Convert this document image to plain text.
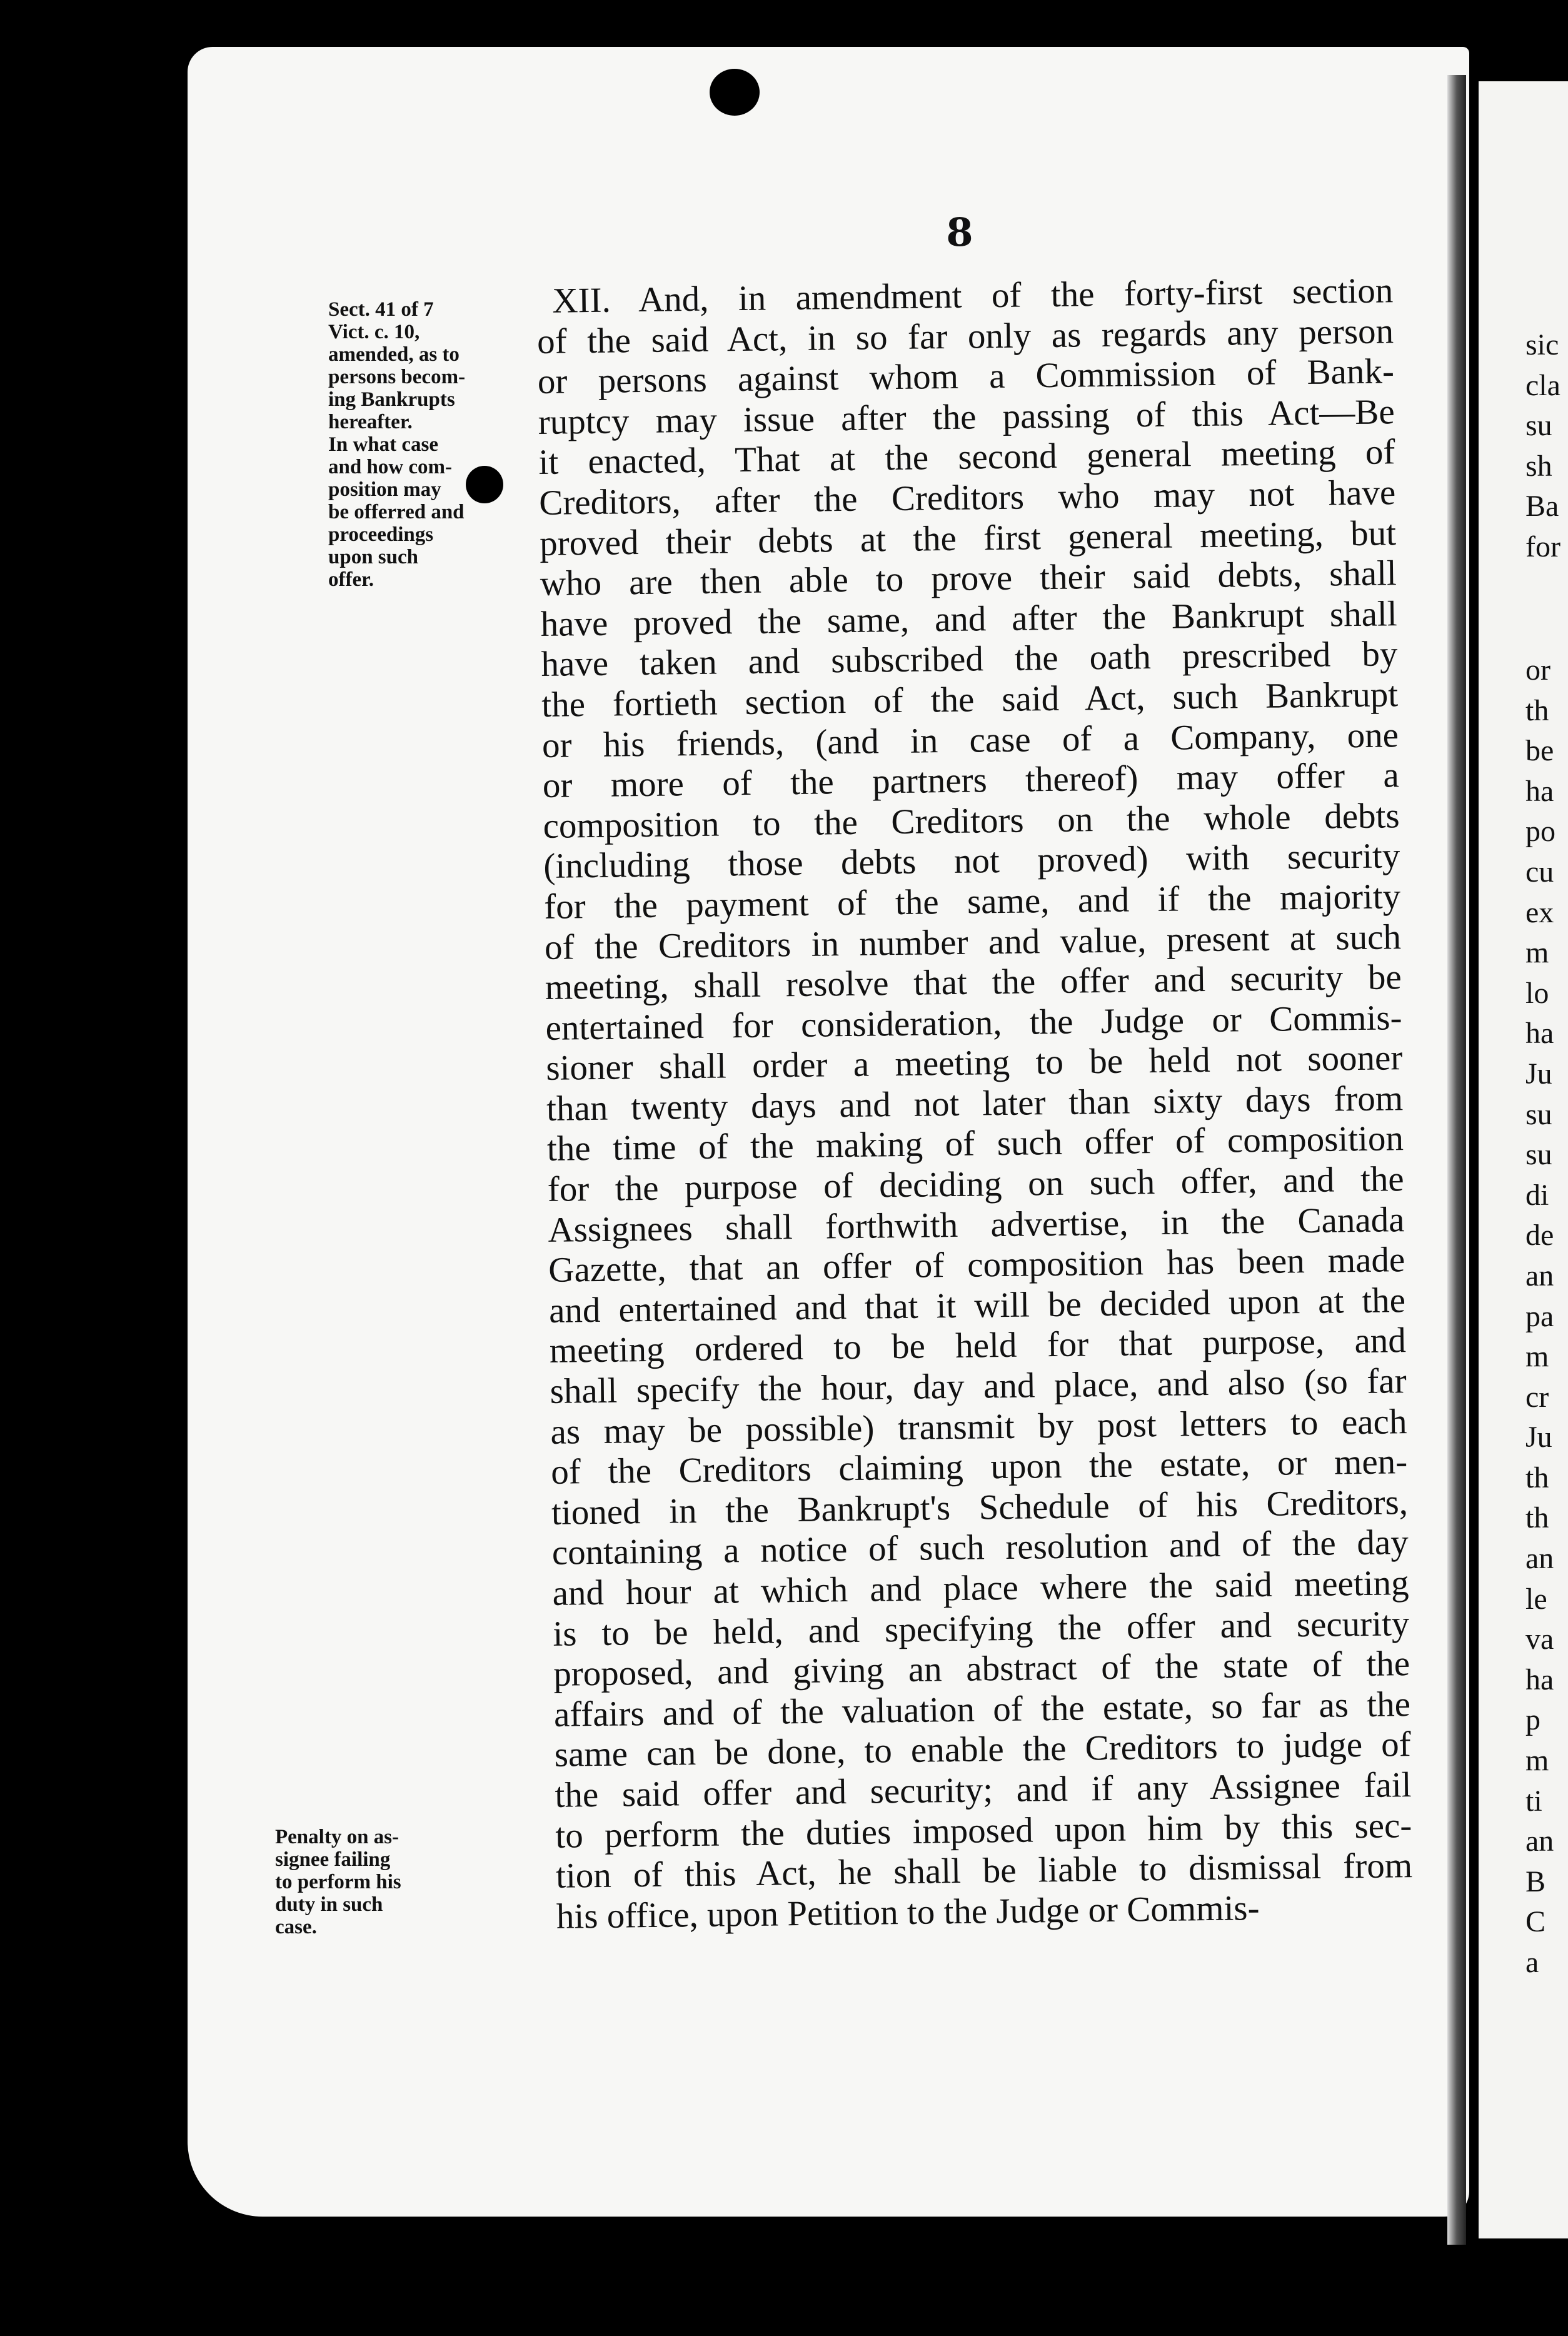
8
Sect. 41 of 7
Vict. c. 10,
amended, as to
persons becom-
ing Bankrupts
hereafter.
In what case
and how com-
position may
be offerred and
proceedings
upon such
offer.
Penalty on as-
signee failing
to perform his
duty in such
case.
XII. And, in amendment of the forty-first section
of the said Act, in so far only as regards any person
or persons against whom a Commission of Bank-
ruptcy may issue after the passing of this Act—Be
it enacted, That at the second general meeting of
Creditors, after the Creditors who may not have
proved their debts at the first general meeting, but
who are then able to prove their said debts, shall
have proved the same, and after the Bankrupt shall
have taken and subscribed the oath prescribed by
the fortieth section of the said Act, such Bankrupt
or his friends, (and in case of a Company, one
or more of the partners thereof) may offer a
composition to the Creditors on the whole debts
(including those debts not proved) with security
for the payment of the same, and if the majority
of the Creditors in number and value, present at such
meeting, shall resolve that the offer and security be
entertained for consideration, the Judge or Commis-
sioner shall order a meeting to be held not sooner
than twenty days and not later than sixty days from
the time of the making of such offer of composition
for the purpose of deciding on such offer, and the
Assignees shall forthwith advertise, in the Canada
Gazette, that an offer of composition has been made
and entertained and that it will be decided upon at the
meeting ordered to be held for that purpose, and
shall specify the hour, day and place, and also (so far
as may be possible) transmit by post letters to each
of the Creditors claiming upon the estate, or men-
tioned in the Bankrupt's Schedule of his Creditors,
containing a notice of such resolution and of the day
and hour at which and place where the said meeting
is to be held, and specifying the offer and security
proposed, and giving an abstract of the state of the
affairs and of the valuation of the estate, so far as the
same can be done, to enable the Creditors to judge of
the said offer and security; and if any Assignee fail
to perform the duties imposed upon him by this sec-
tion of this Act, he shall be liable to dismissal from
his office, upon Petition to the Judge or Commis-
sic
cla
su
sh
Ba
for
or
th
be
ha
po
cu
ex
m
lo
ha
Ju
su
su
di
de
an
pa
m
cr
Ju
th
th
an
le
va
ha
p
m
ti
an
B
C
a
